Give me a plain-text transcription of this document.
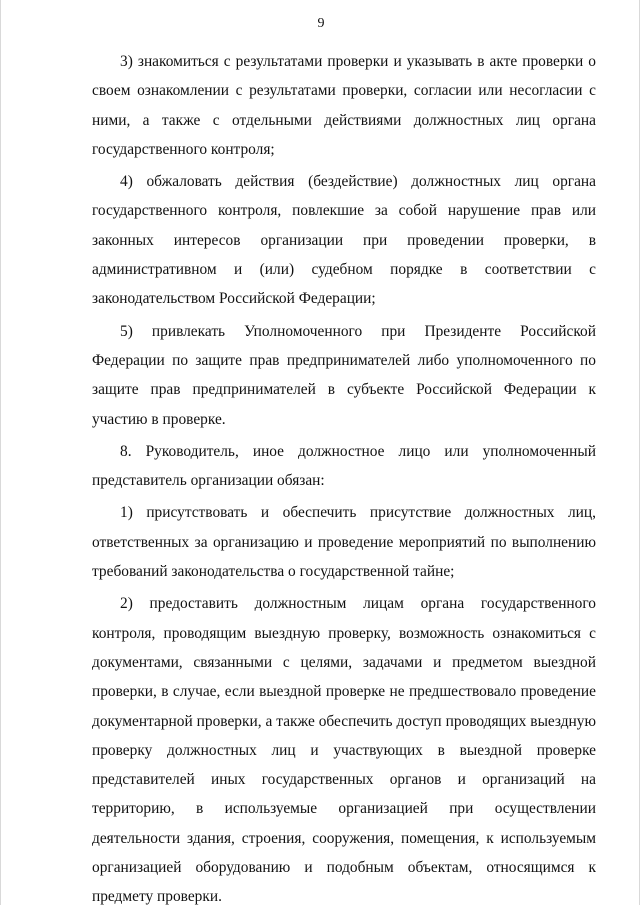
9

3) знакомиться с результатами проверки и указывать в акте проверки о своем ознакомлении с результатами проверки, согласии или несогласии с ними, а также с отдельными действиями должностных лиц органа государственного контроля;

4) обжаловать действия (бездействие) должностных лиц органа государственного контроля, повлекшие за собой нарушение прав или законных интересов организации при проведении проверки, в административном и (или) судебном порядке в соответствии с законодательством Российской Федерации;

5) привлекать Уполномоченного при Президенте Российской Федерации по защите прав предпринимателей либо уполномоченного по защите прав предпринимателей в субъекте Российской Федерации к участию в проверке.

8. Руководитель, иное должностное лицо или уполномоченный представитель организации обязан:

1) присутствовать и обеспечить присутствие должностных лиц, ответственных за организацию и проведение мероприятий по выполнению требований законодательства о государственной тайне;

2) предоставить должностным лицам органа государственного контроля, проводящим выездную проверку, возможность ознакомиться с документами, связанными с целями, задачами и предметом выездной проверки, в случае, если выездной проверке не предшествовало проведение документарной проверки, а также обеспечить доступ проводящих выездную проверку должностных лиц и участвующих в выездной проверке представителей иных государственных органов и организаций на территорию, в используемые организацией при осуществлении деятельности здания, строения, сооружения, помещения, к используемым организацией оборудованию и подобным объектам, относящимся к предмету проверки.
